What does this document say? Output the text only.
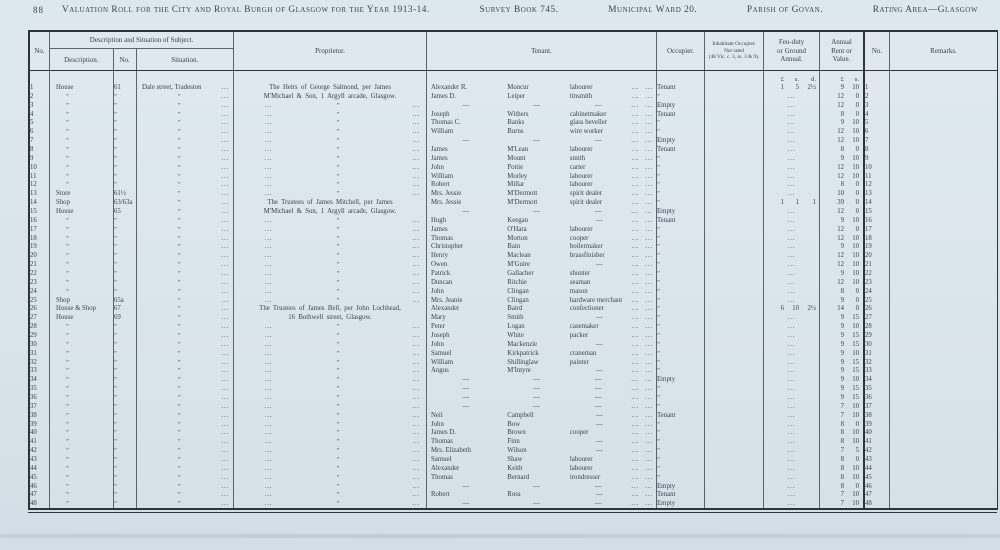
88 Valuation Roll for the City and Royal Burgh of Glasgow for the Year 1913-14.	Survey Book 745.	Municipal Ward 20.	Parish of Govan.	Rating Area—Glasgow
No.
Description and Situation of Subject.
Description.	No.	Situation.
Proprietor.	Tenant.	Occupier.
Inhabitant Occupier.
Not rated
(48 Vic. c. 3, ss. 3 & 9).
Feu-duty
or Ground
Annual.
Annual
Rent or
Value.
No.	Remarks.
£	s.	d.	£	s.
1	House	61	Dale street, Tradeston	...	The Heirs of George Salmond, per James	Alexander R.	Moncur	labourer	... ... Tenant	1	5	2½	9	10 1
2	”	”	”	...	M'Michael & Son, 1 Argyll arcade, Glasgow.	James D.	Leiper	tinsmith	... ... ”	...	12	0 2
3	”	”	”	...	...	”	...	—	—	—	... ... Empty	...	12	0 3
4	”	”	”	...	...	”	...	Joseph	Withers	cabinetmaker	... ... Tenant	...	8	0 4
5	”	”	”	...	...	”	...	Thomas C.	Banks	glass beveller	... ... ”	...	9	10 5
6	”	”	”	...	...	”	...	William	Burns	wire worker	... ... ”	...	12	10 6
7	”	”	”	...	...	”	...	—	—	—	... ... Empty	...	12	10 7
8	”	”	”	...	...	”	...	James	M'Lean	labourer	... ... Tenant	...	8	0 8
9	”	”	”	...	...	”	...	James	Mount	smith	... ... ”	...	9	10 9
10	”	”	”	...	...	”	...	John	Pottie	carter	... ... ”	...	12	10 10
11	”	”	”	...	...	”	...	William	Morley	labourer	... ... ”	...	12	10 11
12	”	”	”	...	...	”	...	Robert	Millar	labourer	... ... ”	...	8	0 12
13	Store	61½	”	...	...	”	...	Mrs. Jessie	M'Dermott	spirit dealer	... ... ”	...	10	0 13
14	Shop	63/63a	”	...	The Trustees of James Mitchell, per James	Mrs. Jessie	M'Dermott	spirit dealer	... ... ”	1	1	1	39	0 14
15	House	65	”	...	M'Michael & Son, 1 Argyll arcade, Glasgow.	—	—	—	... ... Empty	...	12	0 15
16	”	”	”	...	...	”	...	Hugh	Keegan	—	... ... Tenant	...	9	10 16
17	”	”	”	...	...	”	...	James	O'Hara	labourer	... ... ”	...	12	0 17
18	”	”	”	...	...	”	...	Thomas	Morton	cooper	... ... ”	...	12	10 18
19	”	”	”	...	...	”	...	Christopher	Bain	boilermaker	... ... ”	...	9	10 19
20	”	”	”	...	...	”	...	Henry	Maclean	brassfinisher	... ... ”	...	12	10 20
21	”	”	”	...	...	”	...	Owen	M'Guire	—	... ... ”	...	12	10 21
22	”	”	”	...	...	”	...	Patrick	Gallacher	shunter	... ... ”	...	9	10 22
23	”	”	”	...	...	”	...	Duncan	Ritchie	seaman	... ... ”	...	12	10 23
24	”	”	”	...	...	”	...	John	Clingan	mason	... ... ”	...	8	0 24
25	Shop	65a	”	...	...	”	...	Mrs. Jeanie	Clingan	hardware merchant	... ... ”	...	9	0 25
26	House & Shop	67	”	...	The Trustees of James Bell, per John Lochhead,	Alexander	Baird	confectioner	... ... ”	6	10	2½	14	0 26
27	House	69	”	...	16 Bothwell street, Glasgow.	Mary	Smith	—	... ... ”	...	9	15 27
28	”	”	”	...	...	”	...	Peter	Logan	casemaker	... ... ”	...	9	10 28
29	”	”	”	...	...	”	...	Joseph	White	packer	... ... ”	...	9	15 29
30	”	”	”	...	...	”	...	John	Mackenzie	—	... ... ”	...	9	15 30
31	”	”	”	...	...	”	...	Samuel	Kirkpatrick	craneman	... ... ”	...	9	10 31
32	”	”	”	...	...	”	...	William	Shillinglaw	painter	... ... ”	...	9	15 32
33	”	”	”	...	...	”	...	Angus	M'Intyre	—	... ... ”	...	9	15 33
34	”	”	”	...	...	”	...	—	—	—	... ... Empty	...	9	10 34
35	”	”	”	...	...	”	...	—	—	—	... ... ”	...	9	15 35
36	”	”	”	...	...	”	...	—	—	—	... ... ”	...	9	15 36
37	”	”	”	...	...	”	...	—	—	—	... ... ”	...	7	10 37
38	”	”	”	...	...	”	...	Neil	Campbell	—	... ... Tenant	...	7	10 38
39	”	”	”	...	...	”	...	John	Bow	—	... ... ”	...	8	0 39
40	”	”	”	...	...	”	...	James D.	Brown	cooper	... ... ”	...	8	10 40
41	”	”	”	...	...	”	...	Thomas	Finn	—	... ... ”	...	8	10 41
42	”	”	”	...	...	”	...	Mrs. Elizabeth	Wilson	—	... ... ”	...	7	5 42
43	”	”	”	...	...	”	...	Samuel	Shaw	labourer	... ... ”	...	8	0 43
44	”	”	”	...	...	”	...	Alexander	Keith	labourer	... ... ”	...	8	10 44
45	”	”	”	...	...	”	...	Thomas	Bernard	irondresser	... ... ”	...	8	10 45
46	”	”	”	...	...	”	...	—	—	—	... ... Empty	...	8	0 46
47	”	”	”	...	...	”	...	Robert	Ross	—	... ... Tenant	...	7	10 47
48	”	”	”	...	...	”	...	—	—	—	... ... Empty	...	7	10 48
